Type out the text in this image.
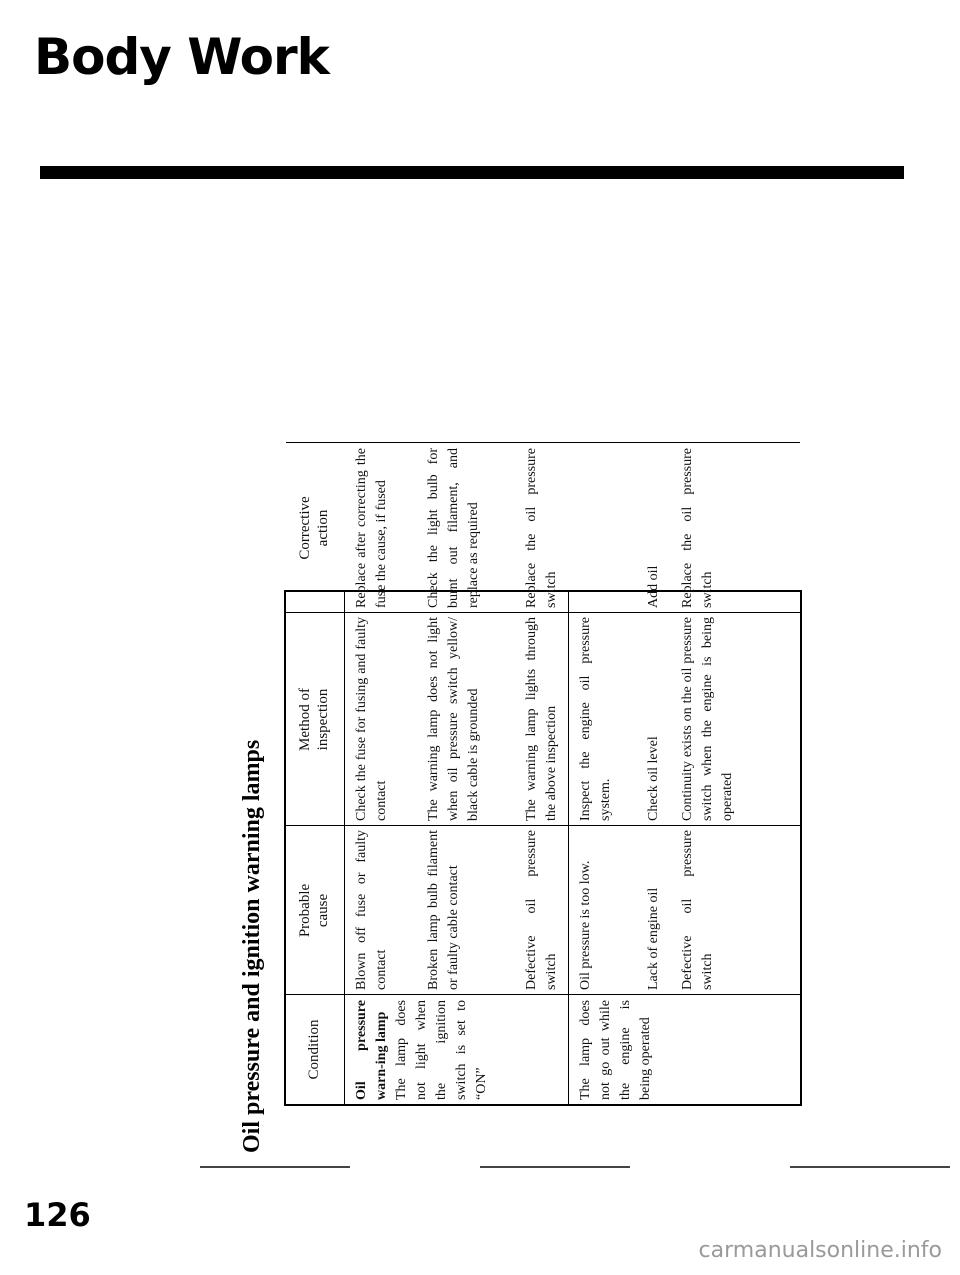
Body Work
Oil pressure and ignition warning lamps	Condition
Probable cause
Method of inspection
Corrective action
Oil pressure warn-ing lamp The lamp does not light when the ignition switch is set to “ON”
Blown off fuse or faulty contact
Check the fuse for fusing and faulty contact
Replace after correcting the fuse the cause, if fused
Broken lamp bulb filament or faulty cable contact
The warning lamp does not light when oil pressure switch yellow/ black cable is grounded
Check the light bulb for burnt out filament, and replace as required
Defective oil pressure switch
The warning lamp lights through the above inspection
Replace the oil pressure switch
The lamp does not go out while the engine is being operated
Oil pressure is too low.
Inspect the engine oil pressure system.
Lack of engine oil
Check oil level
Add oil
Defective oil pressure switch
Continuity exists on the oil pressure switch when the engine is being operated
Replace the oil pressure switch
126
carmanualsonline.info
